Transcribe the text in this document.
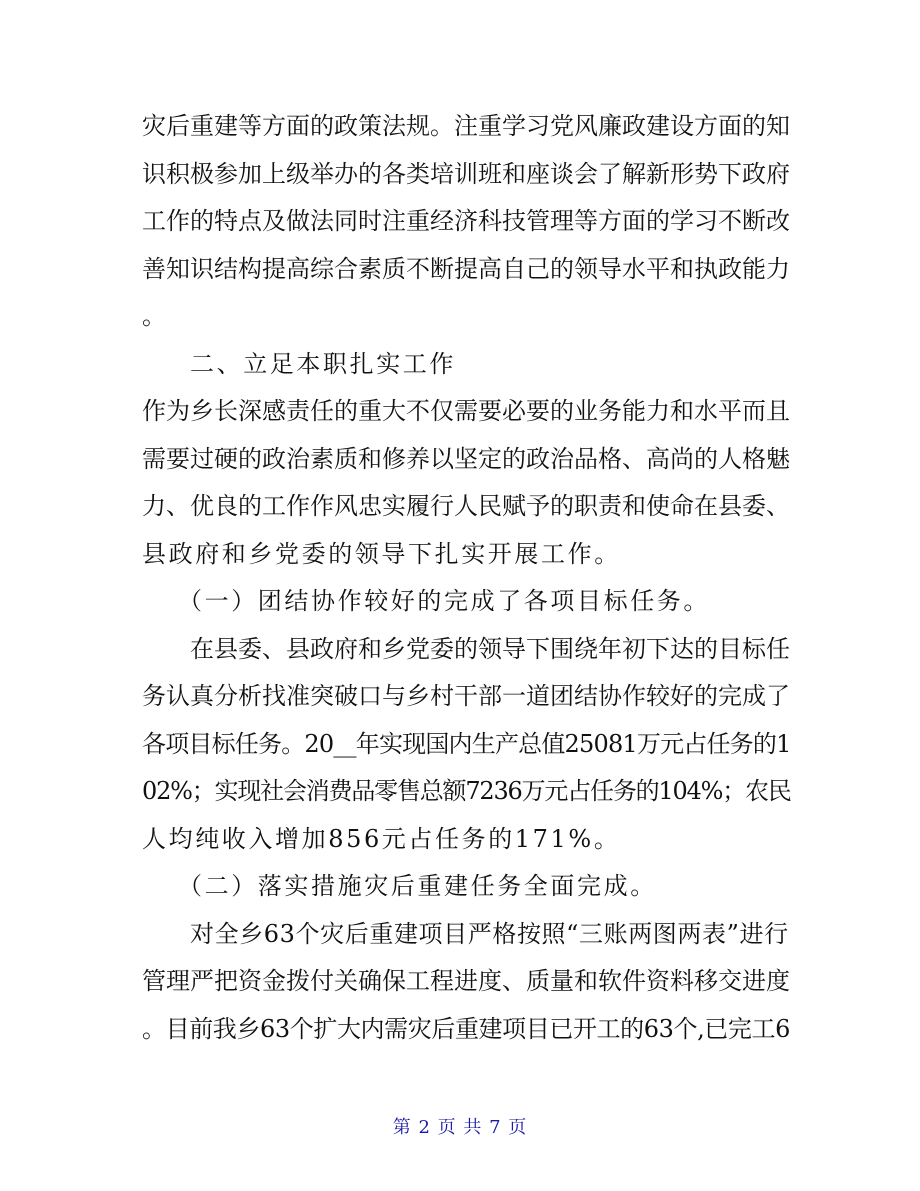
灾后重建等方面的政策法规。注重学习党风廉政建设方面的知
识积极参加上级举办的各类培训班和座谈会了解新形势下政府
工作的特点及做法同时注重经济科技管理等方面的学习不断改
善知识结构提高综合素质不断提高自己的领导水平和执政能力
。
二、立足本职扎实工作
作为乡长深感责任的重大不仅需要必要的业务能力和水平而且
需要过硬的政治素质和修养以坚定的政治品格、高尚的人格魅
力、优良的工作作风忠实履行人民赋予的职责和使命在县委、
县政府和乡党委的领导下扎实开展工作。
（一）团结协作较好的完成了各项目标任务。
在县委、县政府和乡党委的领导下围绕年初下达的目标任
务认真分析找准突破口与乡村干部一道团结协作较好的完成了
各项目标任务。20__年实现国内生产总值25081万元占任务的1
02%；实现社会消费品零售总额7236万元占任务的104%；农民
人均纯收入增加856元占任务的171%。
（二）落实措施灾后重建任务全面完成。
对全乡63个灾后重建项目严格按照“三账两图两表”进行
管理严把资金拨付关确保工程进度、质量和软件资料移交进度
。目前我乡63个扩大内需灾后重建项目已开工的63个,已完工6
第 2 页 共 7 页
